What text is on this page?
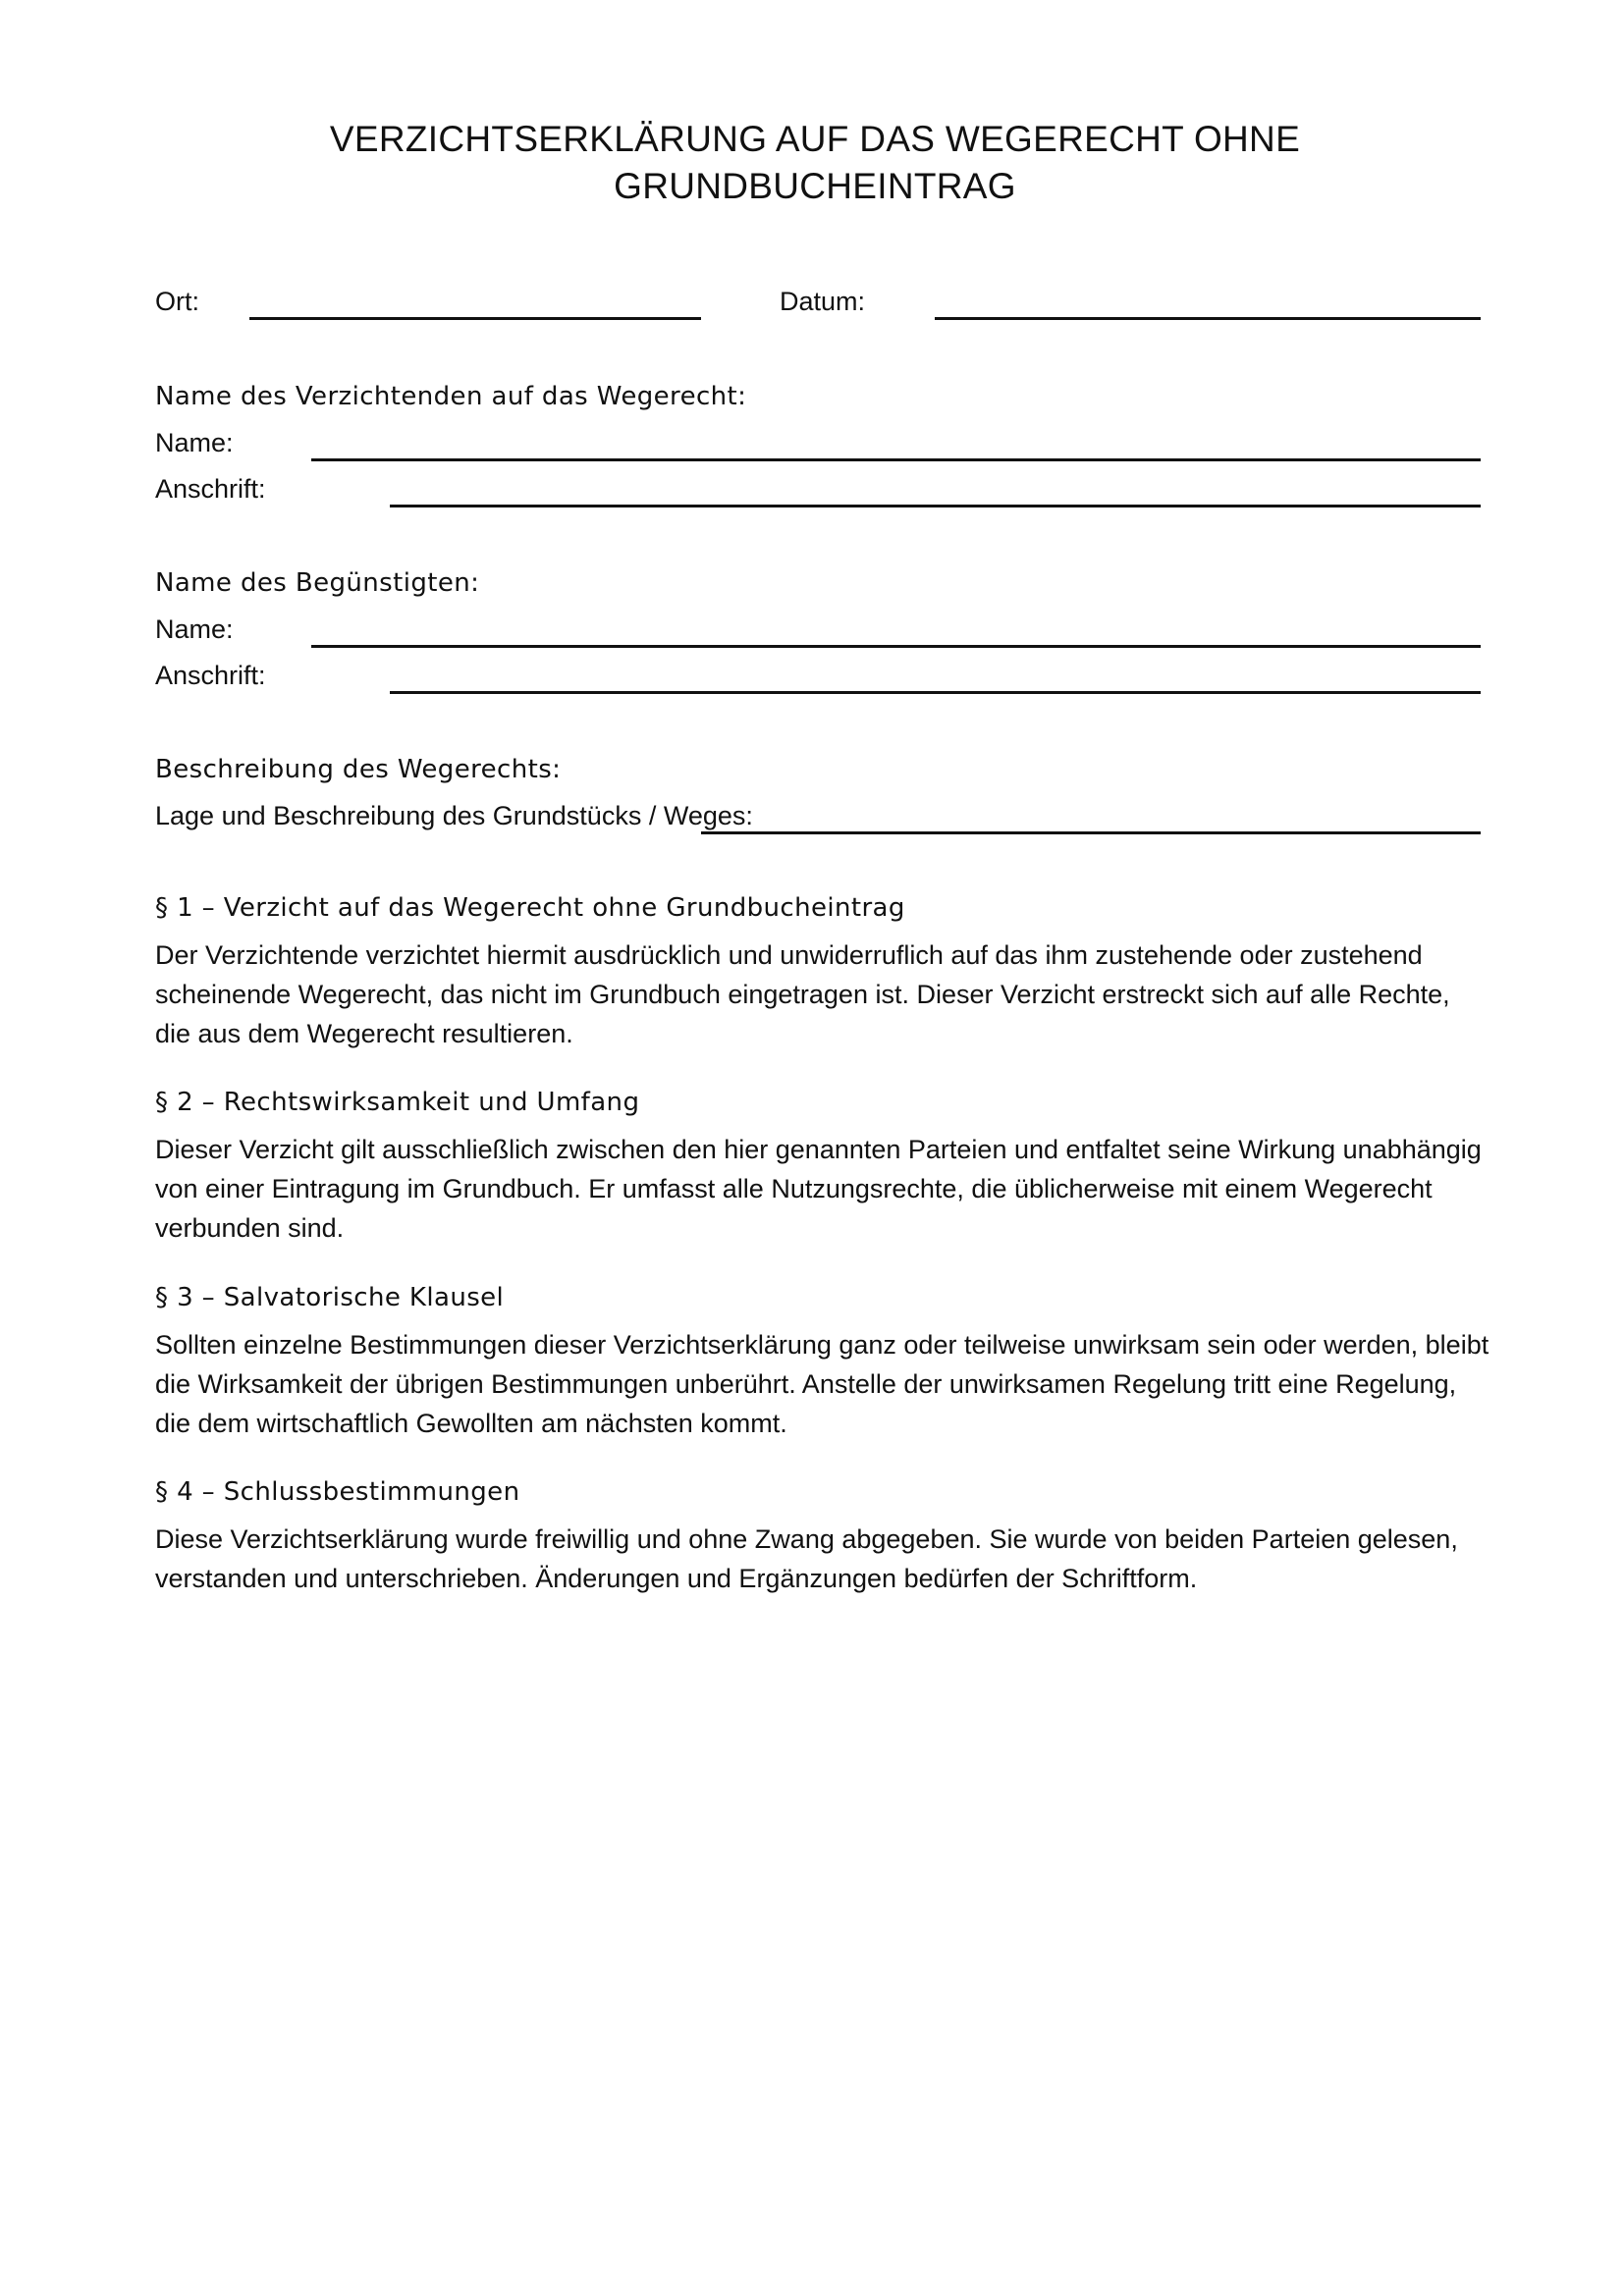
VERZICHTSERKLÄRUNG AUF DAS WEGERECHT OHNE GRUNDBUCHEINTRAG
Ort:	Datum:
Name des Verzichtenden auf das Wegerecht:
Name:
Anschrift:
Name des Begünstigten:
Name:
Anschrift:
Beschreibung des Wegerechts:
Lage und Beschreibung des Grundstücks / Weges:
§ 1 – Verzicht auf das Wegerecht ohne Grundbucheintrag
Der Verzichtende verzichtet hiermit ausdrücklich und unwiderruflich auf das ihm zustehende oder zustehend scheinende Wegerecht, das nicht im Grundbuch eingetragen ist. Dieser Verzicht erstreckt sich auf alle Rechte, die aus dem Wegerecht resultieren.
§ 2 – Rechtswirksamkeit und Umfang
Dieser Verzicht gilt ausschließlich zwischen den hier genannten Parteien und entfaltet seine Wirkung unabhängig von einer Eintragung im Grundbuch. Er umfasst alle Nutzungsrechte, die üblicherweise mit einem Wegerecht verbunden sind.
§ 3 – Salvatorische Klausel
Sollten einzelne Bestimmungen dieser Verzichtserklärung ganz oder teilweise unwirksam sein oder werden, bleibt die Wirksamkeit der übrigen Bestimmungen unberührt. Anstelle der unwirksamen Regelung tritt eine Regelung, die dem wirtschaftlich Gewollten am nächsten kommt.
§ 4 – Schlussbestimmungen
Diese Verzichtserklärung wurde freiwillig und ohne Zwang abgegeben. Sie wurde von beiden Parteien gelesen, verstanden und unterschrieben. Änderungen und Ergänzungen bedürfen der Schriftform.
